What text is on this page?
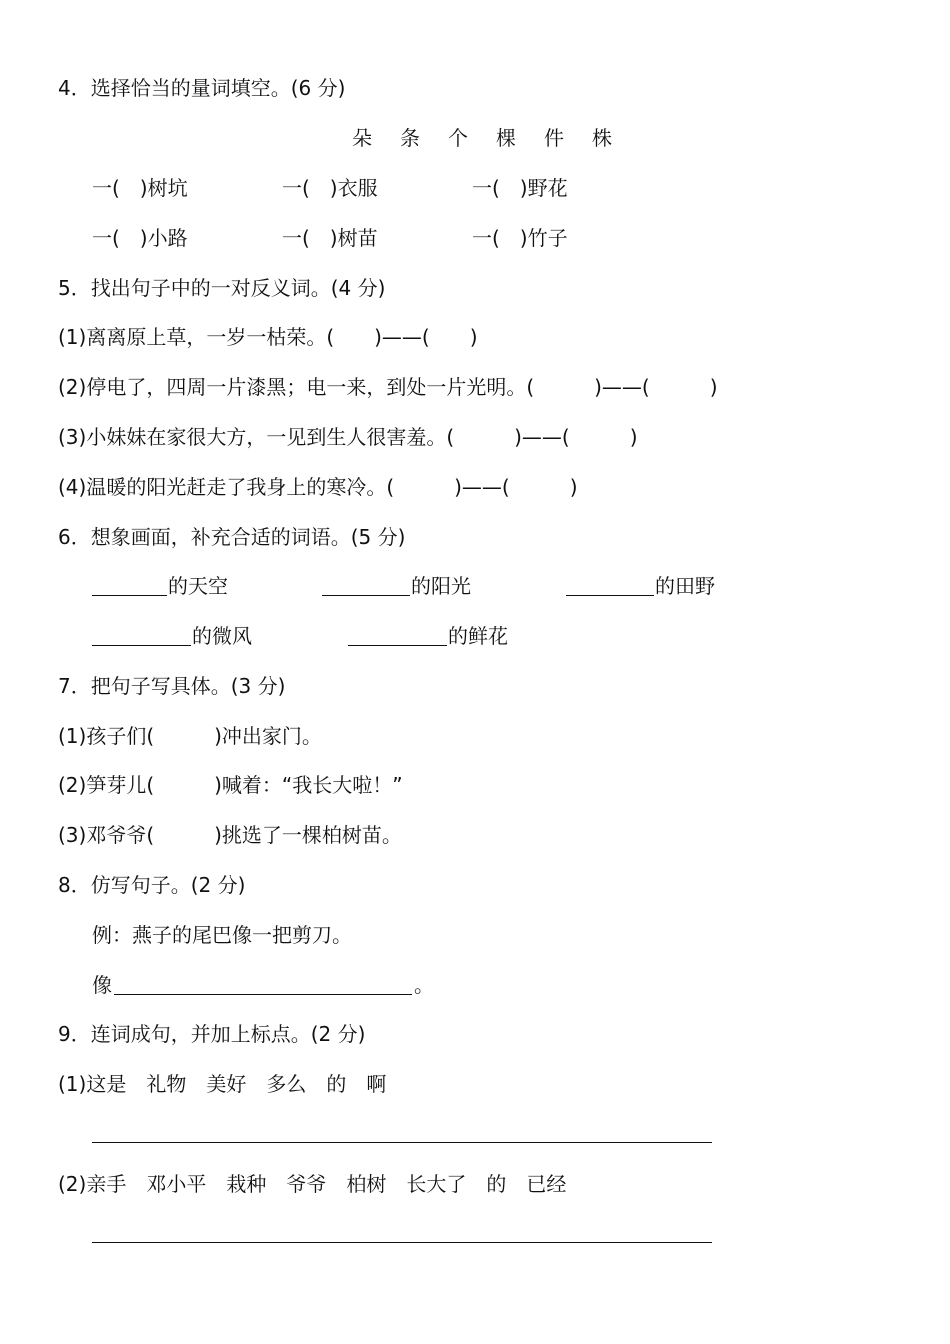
4．选择恰当的量词填空。(6 分)
朵　条　个　棵　件　株
一(　)树坑	一(　)衣服	一(　)野花
一(　)小路	一(　)树苗	一(　)竹子
5．找出句子中的一对反义词。(4 分)
(1)离离原上草，一岁一枯荣。(　　)——(　　)
(2)停电了，四周一片漆黑；电一来，到处一片光明。(　　　)——(　　　)
(3)小妹妹在家很大方，一见到生人很害羞。(　　　)——(　　　)
(4)温暖的阳光赶走了我身上的寒冷。(　　　)——(　　　)
6．想象画面，补充合适的词语。(5 分)
的天空	的阳光	的田野
的微风	的鲜花
7．把句子写具体。(3 分)
(1)孩子们(　　　)冲出家门。
(2)笋芽儿(　　　)喊着：“我长大啦！”
(3)邓爷爷(　　　)挑选了一棵柏树苗。
8．仿写句子。(2 分)
例：燕子的尾巴像一把剪刀。
像	。
9．连词成句，并加上标点。(2 分)
(1)这是　礼物　美好　多么　的　啊
(2)亲手　邓小平　栽种　爷爷　柏树　长大了　的　已经
